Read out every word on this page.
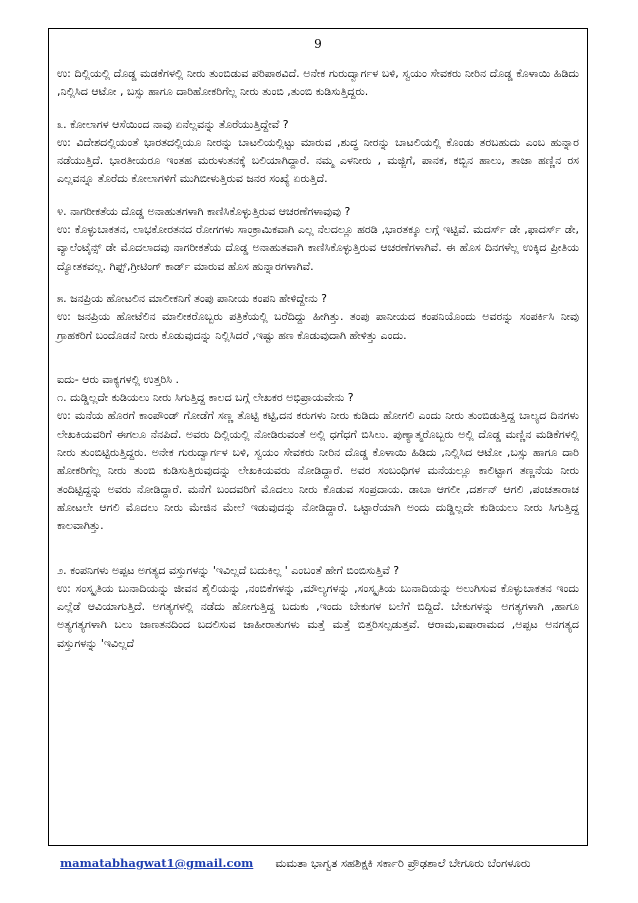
9

ಉ: ದಿಲ್ಲಿಯಲ್ಲಿ ದೊಡ್ಡ ಮಡಕೆಗಳಲ್ಲಿ ನೀರು ತುಂಬಿಡುವ ಪರಿಪಾಠವಿದೆ. ಅನೇಕ ಗುರುದ್ವಾರ್ಗಳ ಬಳಿ, ಸ್ವಯಂ ಸೇವಕರು ನೀರಿನ ದೊಡ್ಡ ಕೊಳಾಯಿ ಹಿಡಿದು ,ನಿಲ್ಲಿಸಿದ ಆಟೋ , ಬಸ್ಸು ಹಾಗೂ ದಾರಿಹೋಕರಿಗೆಲ್ಲ ನೀರು ತುಂಬಿ ,ತುಂಬಿ ಕುಡಿಸುತ್ತಿದ್ದರು.

೩. ಕೋಲಾಗಳ ಆಸೆಯಿಂದ ನಾವು ಏನೆಲ್ಲವನ್ನು ತೊರೆಯುತ್ತಿದ್ದೇವೆ ?

ಉ: ವಿದೇಶದಲ್ಲಿಯಂತೆ ಭಾರತದಲ್ಲಿಯೂ ನೀರನ್ನು ಬಾಟಲಿಯಲ್ಲಿಟ್ಟು ಮಾರುವ ,ಶುದ್ಧ ನೀರನ್ನು ಬಾಟಲಿಯಲ್ಲಿ ಕೊಂಡು ತರಬಹುದು ಎಂಬ ಹುನ್ನಾರ ನಡೆಯುತ್ತಿದೆ. ಭಾರತೀಯರೂ ಇಂತಹ ಮರುಳುತನಕ್ಕೆ ಬಲಿಯಾಗಿದ್ದಾರೆ. ನಮ್ಮ ಎಳನೀರು , ಮಜ್ಜಿಗೆ, ಪಾನಕ, ಕಬ್ಬಿನ ಹಾಲು, ತಾಜಾ ಹಣ್ಣಿನ ರಸ ಎಲ್ಲವನ್ನೂ ತೊರೆದು ಕೋಲಾಗಳಿಗೆ ಮುಗಿಬೀಳುತ್ತಿರುವ ಜನರ ಸಂಖ್ಯೆ ಏರುತ್ತಿದೆ.

೪. ನಾಗರೀಕತೆಯ ದೊಡ್ಡ ಅನಾಹುತಗಳಾಗಿ ಕಾಣಿಸಿಕೊಳ್ಳುತ್ತಿರುವ ಆಚರಣೆಗಳಾವುವು ?

ಉ: ಕೊಳ್ಳುಬಾಕತನ, ಲಾಭಕೋರತನದ ರೋಗಗಳು ಸಾಂಕ್ರಾಮಿಕವಾಗಿ ಎಲ್ಲ ನೆಲದಲ್ಲೂ ಹರಡಿ ,ಭಾರತಕ್ಕೂ ಲಗ್ಗೆ ಇಟ್ಟಿವೆ. ಮದರ್ಸ್ ಡೇ ,ಫಾದರ್ಸ್ ಡೇ, ವ್ಯಾಲೆಂಟೈನ್ಸ್ ಡೇ ಮೊದಲಾದವು ನಾಗರೀಕತೆಯ ದೊಡ್ಡ ಅನಾಹುತವಾಗಿ ಕಾಣಿಸಿಕೊಳ್ಳುತ್ತಿರುವ ಆಚರಣೆಗಳಾಗಿವೆ. ಈ ಹೊಸ ದಿನಗಳೆಲ್ಲ ಉಕ್ಕಿದ ಪ್ರೀತಿಯ ದ್ಯೋತಕವಲ್ಲ. ಗಿಫ್ಟ್,ಗ್ರೀಟಿಂಗ್ ಕಾರ್ಡ್ ಮಾರುವ ಹೊಸ ಹುನ್ನಾರಗಳಾಗಿವೆ.

೫. ಜನಪ್ರಿಯ ಹೋಟಲಿನ ಮಾಲೀಕನಿಗೆ ತಂಪು ಪಾನೀಯ ಕಂಪನಿ ಹೇಳಿದ್ದೇನು ?

ಉ: ಜನಪ್ರಿಯ ಹೋಟೆಲಿನ ಮಾಲೀಕರೊಬ್ಬರು ಪತ್ರಿಕೆಯಲ್ಲಿ ಬರೆದಿದ್ದು ಹೀಗಿತ್ತು. ತಂಪು ಪಾನೀಯದ ಕಂಪನಿಯೊಂದು ಅವರನ್ನು ಸಂಪರ್ಕಿಸಿ ನೀವು ಗ್ರಾಹಕರಿಗೆ ಬಂದೊಡನೆ ನೀರು ಕೊಡುವುದನ್ನು ನಿಲ್ಲಿಸಿದರೆ ,ಇಷ್ಟು ಹಣ ಕೊಡುವುದಾಗಿ ಹೇಳಿತ್ತು ಎಂದು.

ಐದು- ಆರು ವಾಕ್ಯಗಳಲ್ಲಿ ಉತ್ತರಿಸಿ .

೧. ದುಡ್ಡಿಲ್ಲದೇ ಕುಡಿಯಲು ನೀರು ಸಿಗುತ್ತಿದ್ದ ಕಾಲದ ಬಗ್ಗೆ ಲೇಖಕರ ಅಭಿಪ್ರಾಯವೇನು ?
ಉ: ಮನೆಯ ಹೊರಗೆ ಕಾಂಪೌಂಡ್ ಗೋಡೆಗೆ ಸಣ್ಣ ತೊಟ್ಟಿ ಕಟ್ಟಿ,ದನ ಕರುಗಳು ನೀರು ಕುಡಿದು ಹೋಗಲಿ ಎಂದು ನೀರು ತುಂಬಿಡುತ್ತಿದ್ದ ಬಾಲ್ಯದ ದಿನಗಳು ಲೇಖಕಿಯವರಿಗೆ ಈಗಲೂ ನೆನಪಿದೆ. ಅವರು ದಿಲ್ಲಿಯಲ್ಲಿ ನೋಡಿರುವಂತೆ ಅಲ್ಲಿ ಧಗೆಧಗೆ ಬಿಸಿಲು. ಪುಣ್ಯಾತ್ಮರೊಬ್ಬರು ಅಲ್ಲಿ ದೊಡ್ಡ ಮಣ್ಣಿನ ಮಡಿಕೆಗಳಲ್ಲಿ ನೀರು ತುಂಬಿಟ್ಟಿರುತ್ತಿದ್ದರು. ಅನೇಕ ಗುರುದ್ವಾರ್ಗಳ ಬಳಿ, ಸ್ವಯಂ ಸೇವಕರು ನೀರಿನ ದೊಡ್ಡ ಕೊಳಾಯಿ ಹಿಡಿದು ,ನಿಲ್ಲಿಸಿದ ಆಟೋ ,ಬಸ್ಸು ಹಾಗೂ ದಾರಿ ಹೋಕರಿಗೆಲ್ಲ ನೀರು ತುಂಬಿ ಕುಡಿಸುತ್ತಿರುವುದನ್ನು ಲೇಖಕಿಯವರು ನೋಡಿದ್ದಾರೆ. ಅವರ ಸಂಬಂಧಿಗಳ ಮನೆಯಲ್ಲೂ ಕಾಲಿಟ್ಟಾಗ ತಣ್ಣನೆಯ ನೀರು ತಂದಿಟ್ಟಿದ್ದನ್ನು ಅವರು ನೋಡಿದ್ದಾರೆ. ಮನೆಗೆ ಬಂದವರಿಗೆ ಮೊದಲು ನೀರು ಕೊಡುವ ಸಂಪ್ರದಾಯ. ಡಾಬಾ ಆಗಲೀ ,ದರ್ಶನ್ ಆಗಲಿ ,ಪಂಚತಾರಾಚ ಹೋಟಲೇ ಆಗಲಿ ಮೊದಲು ನೀರು ಮೇಜಿನ ಮೇಲೆ ಇಡುವುದನ್ನು ನೋಡಿದ್ದಾರೆ. ಒಟ್ಟಾರೆಯಾಗಿ ಅಂದು ದುಡ್ಡಿಲ್ಲದೇ ಕುಡಿಯಲು ನೀರು ಸಿಗುತ್ತಿದ್ದ ಕಾಲವಾಗಿತ್ತು.

೨. ಕಂಪನಿಗಳು ಅಪ್ಪಟ ಅಗತ್ಯದ ವಸ್ತುಗಳನ್ನು 'ಇವಿಲ್ಲದೆ ಬದುಕಿಲ್ಲ ' ಎಂಬಂತೆ ಹೇಗೆ ಬಿಂಬಿಸುತ್ತಿವೆ ?

ಉ: ಸಂಸ್ಕೃತಿಯ ಬುನಾದಿಯನ್ನು ಜೀವನ ಶೈಲಿಯನ್ನು ,ನಂಬಿಕೆಗಳನ್ನು ,ಮೌಲ್ಯಗಳನ್ನು ,ಸಂಸ್ಕೃತಿಯ ಬುನಾದಿಯನ್ನು ಅಲುಗಿಸುವ ಕೊಳ್ಳುಬಾಕತನ ಇಂದು ಎಲ್ಲೆಡೆ ಆವಿಯಾಗುತ್ತಿದೆ. ಅಗತ್ಯಗಳಲ್ಲಿ ನಡೆದು ಹೋಗುತ್ತಿದ್ದ ಬದುಕು ,ಇಂದು ಬೇಕುಗಳ ಬಲೆಗೆ ಬಿದ್ದಿದೆ. ಬೇಕುಗಳನ್ನು ಅಗತ್ಯಗಳಾಗಿ ,ಹಾಗೂ ಅತ್ಯಗತ್ಯಗಳಾಗಿ ಬಲು ಜಾಣತನದಿಂದ ಬದಲಿಸುವ ಜಾಹೀರಾತುಗಳು ಮತ್ತೆ ಮತ್ತೆ ಬಿತ್ತರಿಸಲ್ಪಡುತ್ತವೆ. ಆರಾಮ,ಐಷಾರಾಮದ ,ಅಪ್ಪಟ ಅನಗತ್ಯದ ವಸ್ತುಗಳನ್ನು 'ಇವಿಲ್ಲದೆ

mamatabhagwat1@gmail.com ಮಮತಾ ಭಾಗ್ವತ ಸಹಶಿಕ್ಷಕಿ ಸರ್ಕಾರಿ ಪ್ರೌಢಶಾಲೆ ಬೇಗೂರು ಬೆಂಗಳೂರು
